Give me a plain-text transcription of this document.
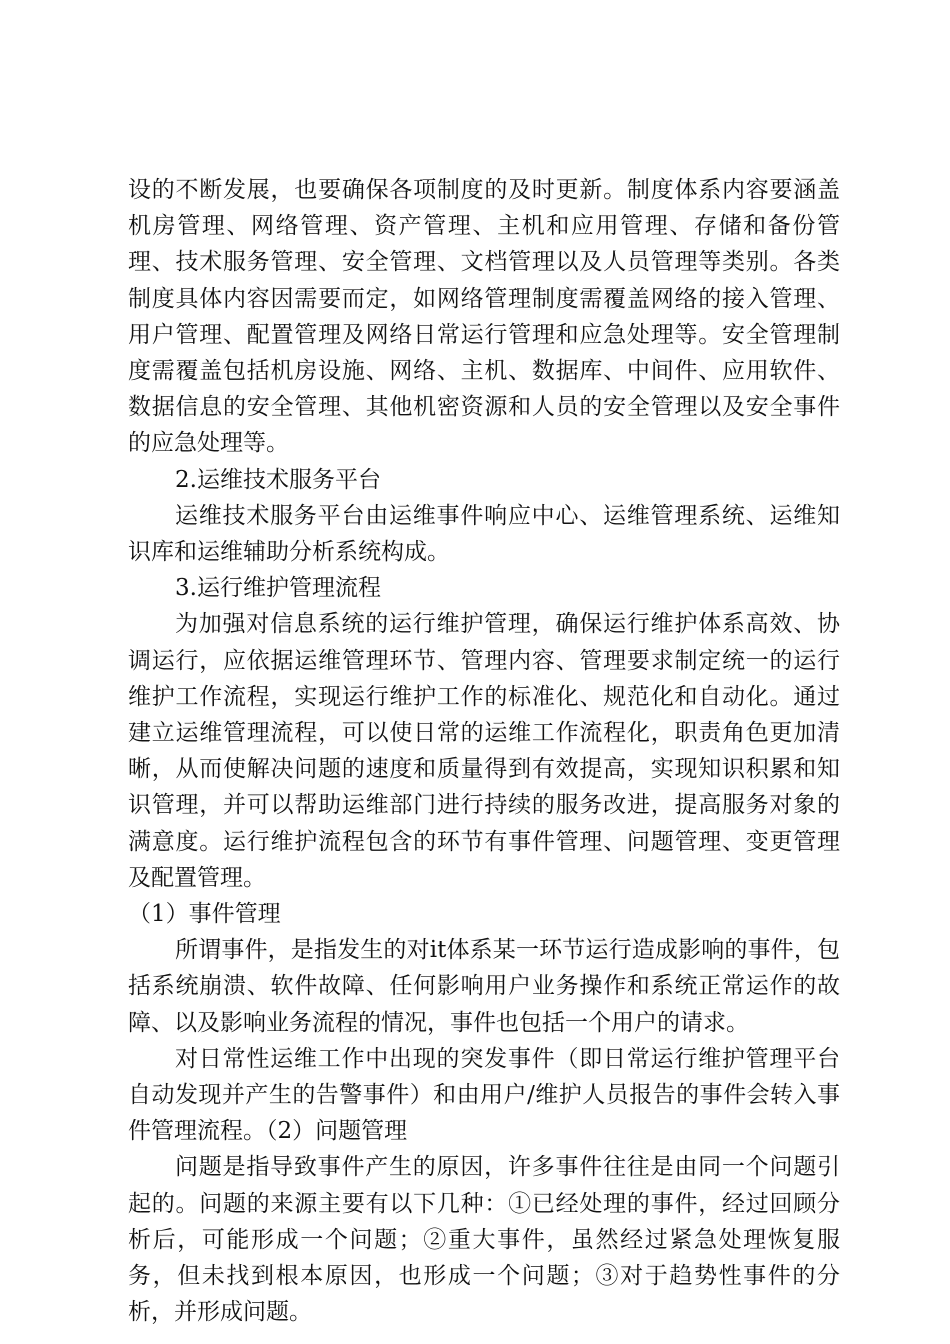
设的不断发展，也要确保各项制度的及时更新。制度体系内容要涵盖机房管理、网络管理、资产管理、主机和应用管理、存储和备份管理、技术服务管理、安全管理、文档管理以及人员管理等类别。各类制度具体内容因需要而定，如网络管理制度需覆盖网络的接入管理、用户管理、配置管理及网络日常运行管理和应急处理等。安全管理制度需覆盖包括机房设施、网络、主机、数据库、中间件、应用软件、数据信息的安全管理、其他机密资源和人员的安全管理以及安全事件的应急处理等。

2.运维技术服务平台

运维技术服务平台由运维事件响应中心、运维管理系统、运维知识库和运维辅助分析系统构成。

3.运行维护管理流程

为加强对信息系统的运行维护管理，确保运行维护体系高效、协调运行，应依据运维管理环节、管理内容、管理要求制定统一的运行维护工作流程，实现运行维护工作的标准化、规范化和自动化。通过建立运维管理流程，可以使日常的运维工作流程化，职责角色更加清晰，从而使解决问题的速度和质量得到有效提高，实现知识积累和知识管理，并可以帮助运维部门进行持续的服务改进，提高服务对象的满意度。运行维护流程包含的环节有事件管理、问题管理、变更管理及配置管理。

（1）事件管理

所谓事件，是指发生的对it体系某一环节运行造成影响的事件，包括系统崩溃、软件故障、任何影响用户业务操作和系统正常运作的故障、以及影响业务流程的情况，事件也包括一个用户的请求。

对日常性运维工作中出现的突发事件（即日常运行维护管理平台自动发现并产生的告警事件）和由用户/维护人员报告的事件会转入事件管理流程。（2）问题管理

问题是指导致事件产生的原因，许多事件往往是由同一个问题引起的。问题的来源主要有以下几种：①已经处理的事件，经过回顾分析后，可能形成一个问题；②重大事件，虽然经过紧急处理恢复服务，但未找到根本原因，也形成一个问题；③对于趋势性事件的分析，并形成问题。
